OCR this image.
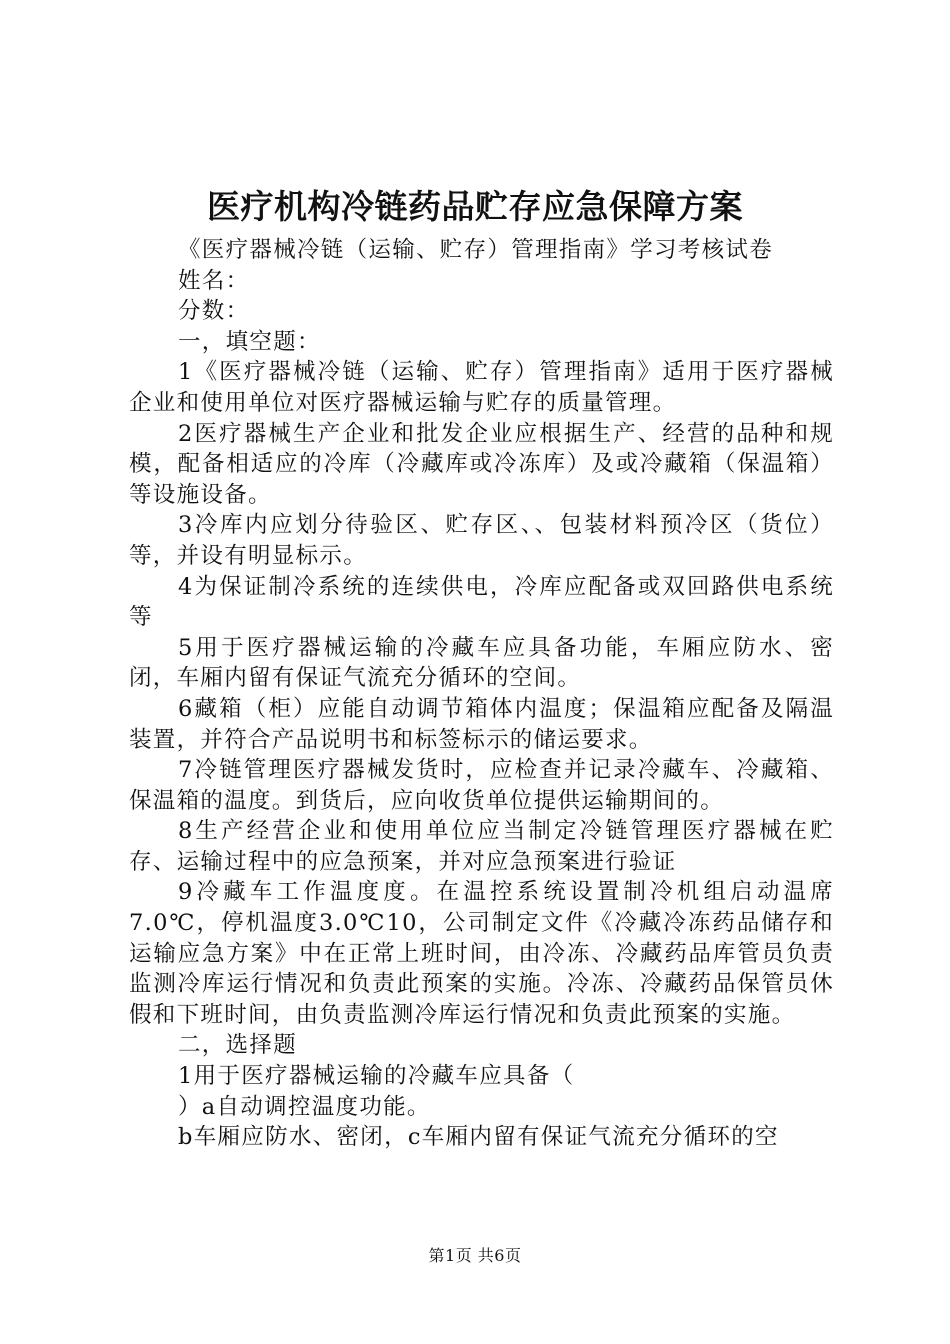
医疗机构冷链药品贮存应急保障方案

《医疗器械冷链（运输、贮存）管理指南》学习考核试卷

姓名：

分数：

一，填空题：

1《医疗器械冷链（运输、贮存）管理指南》适用于医疗器械企业和使用单位对医疗器械运输与贮存的质量管理。

2医疗器械生产企业和批发企业应根据生产、经营的品种和规模，配备相适应的冷库（冷藏库或冷冻库）及或冷藏箱（保温箱）等设施设备。

3冷库内应划分待验区、贮存区、、包装材料预冷区（货位）等，并设有明显标示。

4为保证制冷系统的连续供电，冷库应配备或双回路供电系统等

5用于医疗器械运输的冷藏车应具备功能，车厢应防水、密闭，车厢内留有保证气流充分循环的空间。

6藏箱（柜）应能自动调节箱体内温度；保温箱应配备及隔温装置，并符合产品说明书和标签标示的储运要求。

7冷链管理医疗器械发货时，应检查并记录冷藏车、冷藏箱、保温箱的温度。到货后，应向收货单位提供运输期间的。

8生产经营企业和使用单位应当制定冷链管理医疗器械在贮存、运输过程中的应急预案，并对应急预案进行验证

9冷藏车工作温度度。在温控系统设置制冷机组启动温席7.0℃，停机温度3.0℃10，公司制定文件《冷藏冷冻药品储存和运输应急方案》中在正常上班时间，由冷冻、冷藏药品库管员负责监测冷库运行情况和负责此预案的实施。冷冻、冷藏药品保管员休假和下班时间，由负责监测冷库运行情况和负责此预案的实施。

二，选择题

1用于医疗器械运输的冷藏车应具备（

）a自动调控温度功能。

b车厢应防水、密闭，c车厢内留有保证气流充分循环的空

第1页 共6页
